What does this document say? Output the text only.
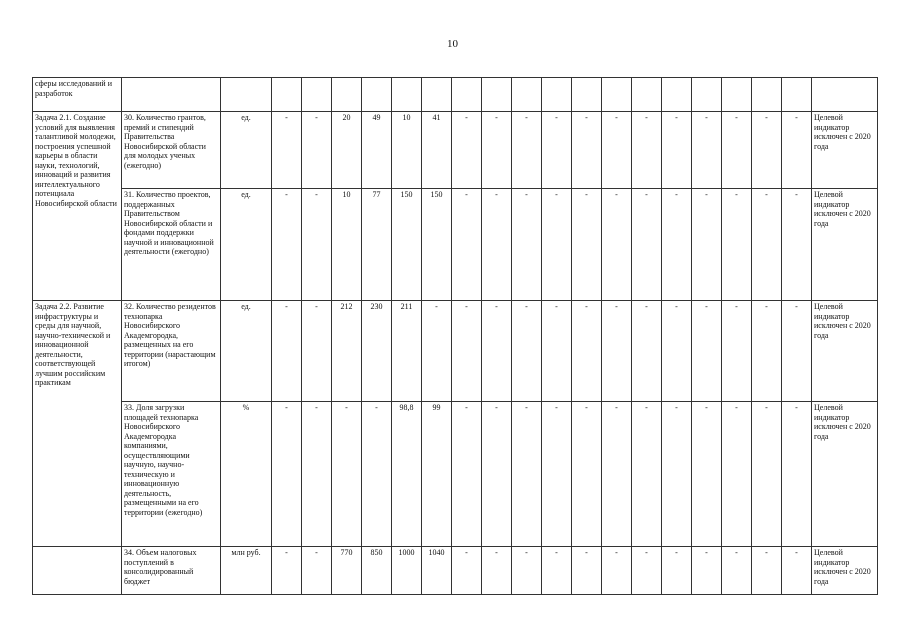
10
сферы исследований и разработок																					
Задача 2.1. Создание условий для выявления талантливой молодежи, построения успешной карьеры в области науки, технологий, инноваций и развития интеллектуального потенциала Новосибирской области	30. Количество грантов, премий и стипендий Правительства Новосибирской области для молодых ученых (ежегодно)	ед.	-	-	20	49	10	41	-	-	-	-	-	-	-	-	-	-	-	-	Целевой индикатор исключен с 2020 года
	31. Количество проектов, поддержанных Правительством Новосибирской области и фондами поддержки научной и инновационной деятельности (ежегодно)	ед.	-	-	10	77	150	150	-	-	-	-	-	-	-	-	-	-	-	-	Целевой индикатор исключен с 2020 года
Задача 2.2. Развитие инфраструктуры и среды для научной, научно-технической и инновационной деятельности, соответствующей лучшим российским практикам	32. Количество резидентов технопарка Новосибирского Академгородка, размещенных на его территории (нарастающим итогом)	ед.	-	-	212	230	211	-	-	-	-	-	-	-	-	-	-	-	-	-	Целевой индикатор исключен с 2020 года
	33. Доля загрузки площадей технопарка Новосибирского Академгородка компаниями, осуществляющими научную, научно-техническую и инновационную деятельность, размещенными на его территории (ежегодно)	%	-	-	-	-	98,8	99	-	-	-	-	-	-	-	-	-	-	-	-	Целевой индикатор исключен с 2020 года
	34. Объем налоговых поступлений в консолидированный бюджет	млн руб.	-	-	770	850	1000	1040	-	-	-	-	-	-	-	-	-	-	-	-	Целевой индикатор исключен с 2020 года
